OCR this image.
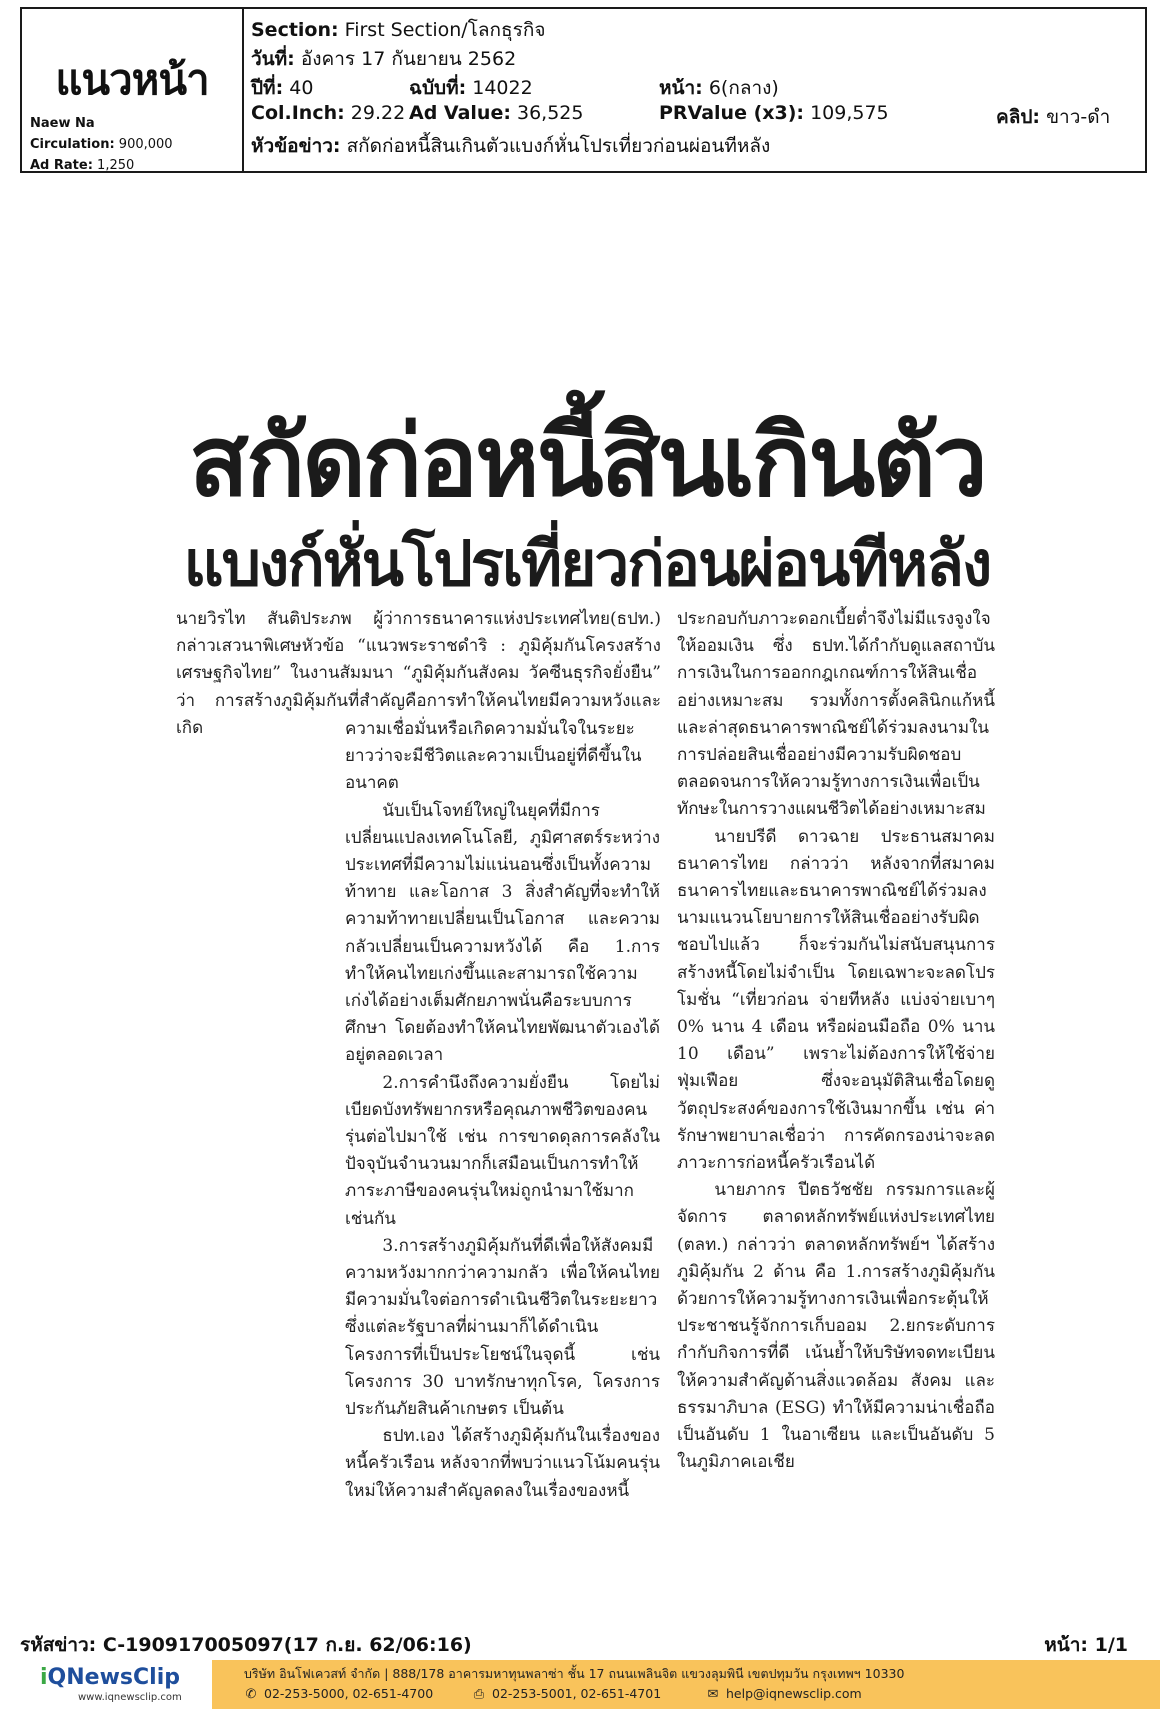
แนวหน้า
Naew Na
Circulation: 900,000
Ad Rate: 1,250
Section: First Section/โลกธุรกิจ
วันที่: อังคาร 17 กันยายน 2562
ปีที่: 40	ฉบับที่: 14022	หน้า: 6(กลาง)
Col.Inch: 29.22 Ad Value: 36,525	PRValue (x3): 109,575	คลิป: ขาว-ดำ
หัวข้อข่าว: สกัดก่อหนี้สินเกินตัวแบงก์หั่นโปรเที่ยวก่อนผ่อนทีหลัง
สกัดก่อหนี้สินเกินตัว
แบงก์หั่นโปรเที่ยวก่อนผ่อนทีหลัง

นายวิรไท สันติประภพ ผู้ว่าการธนาคารแห่งประเทศไทย(ธปท.) กล่าวเสวนาพิเศษหัวข้อ “แนวพระราชดำริ : ภูมิคุ้มกันโครงสร้างเศรษฐกิจไทย” ในงานสัมมนา “ภูมิคุ้มกันสังคม วัคซีนธุรกิจยั่งยืน” ว่า การสร้างภูมิคุ้มกันที่สำคัญคือการทำให้คนไทยมีความหวังและเกิด	ความเชื่อมั่นหรือเกิดความมั่นใจในระยะยาวว่าจะมีชีวิตและความเป็นอยู่ที่ดีขึ้นในอนาคต

นับเป็นโจทย์ใหญ่ในยุคที่มีการเปลี่ยนแปลงเทคโนโลยี, ภูมิศาสตร์ระหว่างประเทศที่มีความไม่แน่นอนซึ่งเป็นทั้งความท้าทาย และโอกาส 3 สิ่งสำคัญที่จะทำให้ความท้าทายเปลี่ยนเป็นโอกาส และความกลัวเปลี่ยนเป็นความหวังได้ คือ 1.การทำให้คนไทยเก่งขึ้นและสามารถใช้ความเก่งได้อย่างเต็มศักยภาพนั่นคือระบบการศึกษา โดยต้องทำให้คนไทยพัฒนาตัวเองได้อยู่ตลอดเวลา

2.การคำนึงถึงความยั่งยืน โดยไม่เบียดบังทรัพยากรหรือคุณภาพชีวิตของคนรุ่นต่อไปมาใช้ เช่น การขาดดุลการคลังในปัจจุบันจำนวนมากก็เสมือนเป็นการทำให้ภาระภาษีของคนรุ่นใหม่ถูกนำมาใช้มากเช่นกัน

3.การสร้างภูมิคุ้มกันที่ดีเพื่อให้สังคมมีความหวังมากกว่าความกลัว เพื่อให้คนไทยมีความมั่นใจต่อการดำเนินชีวิตในระยะยาว ซึ่งแต่ละรัฐบาลที่ผ่านมาก็ได้ดำเนินโครงการที่เป็นประโยชน์ในจุดนี้ เช่น โครงการ 30 บาทรักษาทุกโรค, โครงการประกันภัยสินค้าเกษตร เป็นต้น

ธปท.เอง ได้สร้างภูมิคุ้มกันในเรื่องของหนี้ครัวเรือน หลังจากที่พบว่าแนวโน้มคนรุ่นใหม่ให้ความสำคัญลดลงในเรื่องของหนี้

ประกอบกับภาวะดอกเบี้ยต่ำจึงไม่มีแรงจูงใจให้ออมเงิน ซึ่ง ธปท.ได้กำกับดูแลสถาบันการเงินในการออกกฎเกณฑ์การให้สินเชื่ออย่างเหมาะสม รวมทั้งการตั้งคลินิกแก้หนี้ และล่าสุดธนาคารพาณิชย์ได้ร่วมลงนามในการปล่อยสินเชื่ออย่างมีความรับผิดชอบ ตลอดจนการให้ความรู้ทางการเงินเพื่อเป็นทักษะในการวางแผนชีวิตได้อย่างเหมาะสม

นายปรีดี ดาวฉาย ประธานสมาคมธนาคารไทย กล่าวว่า หลังจากที่สมาคมธนาคารไทยและธนาคารพาณิชย์ได้ร่วมลงนามแนวนโยบายการให้สินเชื่ออย่างรับผิดชอบไปแล้ว ก็จะร่วมกันไม่สนับสนุนการสร้างหนี้โดยไม่จำเป็น โดยเฉพาะจะลดโปรโมชั่น “เที่ยวก่อน จ่ายทีหลัง แบ่งจ่ายเบาๆ 0% นาน 4 เดือน หรือผ่อนมือถือ 0% นาน 10 เดือน” เพราะไม่ต้องการให้ใช้จ่ายฟุ่มเฟือย ซึ่งจะอนุมัติสินเชื่อโดยดูวัตถุประสงค์ของการใช้เงินมากขึ้น เช่น ค่ารักษาพยาบาลเชื่อว่า การคัดกรองน่าจะลดภาวะการก่อหนี้ครัวเรือนได้

นายภากร ปีตธวัชชัย กรรมการและผู้จัดการ ตลาดหลักทรัพย์แห่งประเทศไทย (ตลท.) กล่าวว่า ตลาดหลักทรัพย์ฯ ได้สร้างภูมิคุ้มกัน 2 ด้าน คือ 1.การสร้างภูมิคุ้มกันด้วยการให้ความรู้ทางการเงินเพื่อกระตุ้นให้ประชาชนรู้จักการเก็บออม 2.ยกระดับการกำกับกิจการที่ดี เน้นย้ำให้บริษัทจดทะเบียนให้ความสำคัญด้านสิ่งแวดล้อม สังคม และธรรมาภิบาล (ESG) ทำให้มีความน่าเชื่อถือเป็นอันดับ 1 ในอาเซียน และเป็นอันดับ 5 ในภูมิภาคเอเชีย

รหัสข่าว: C-190917005097(17 ก.ย. 62/06:16)	หน้า: 1/1
iQNewsClip
www.iqnewsclip.com
บริษัท อินโฟเควสท์ จำกัด | 888/178 อาคารมหาทุนพลาซ่า ชั้น 17 ถนนเพลินจิต แขวงลุมพินี เขตปทุมวัน กรุงเทพฯ 10330
✆ 02-253-5000, 02-651-4700	⎙ 02-253-5001, 02-651-4701	✉ help@iqnewsclip.com
